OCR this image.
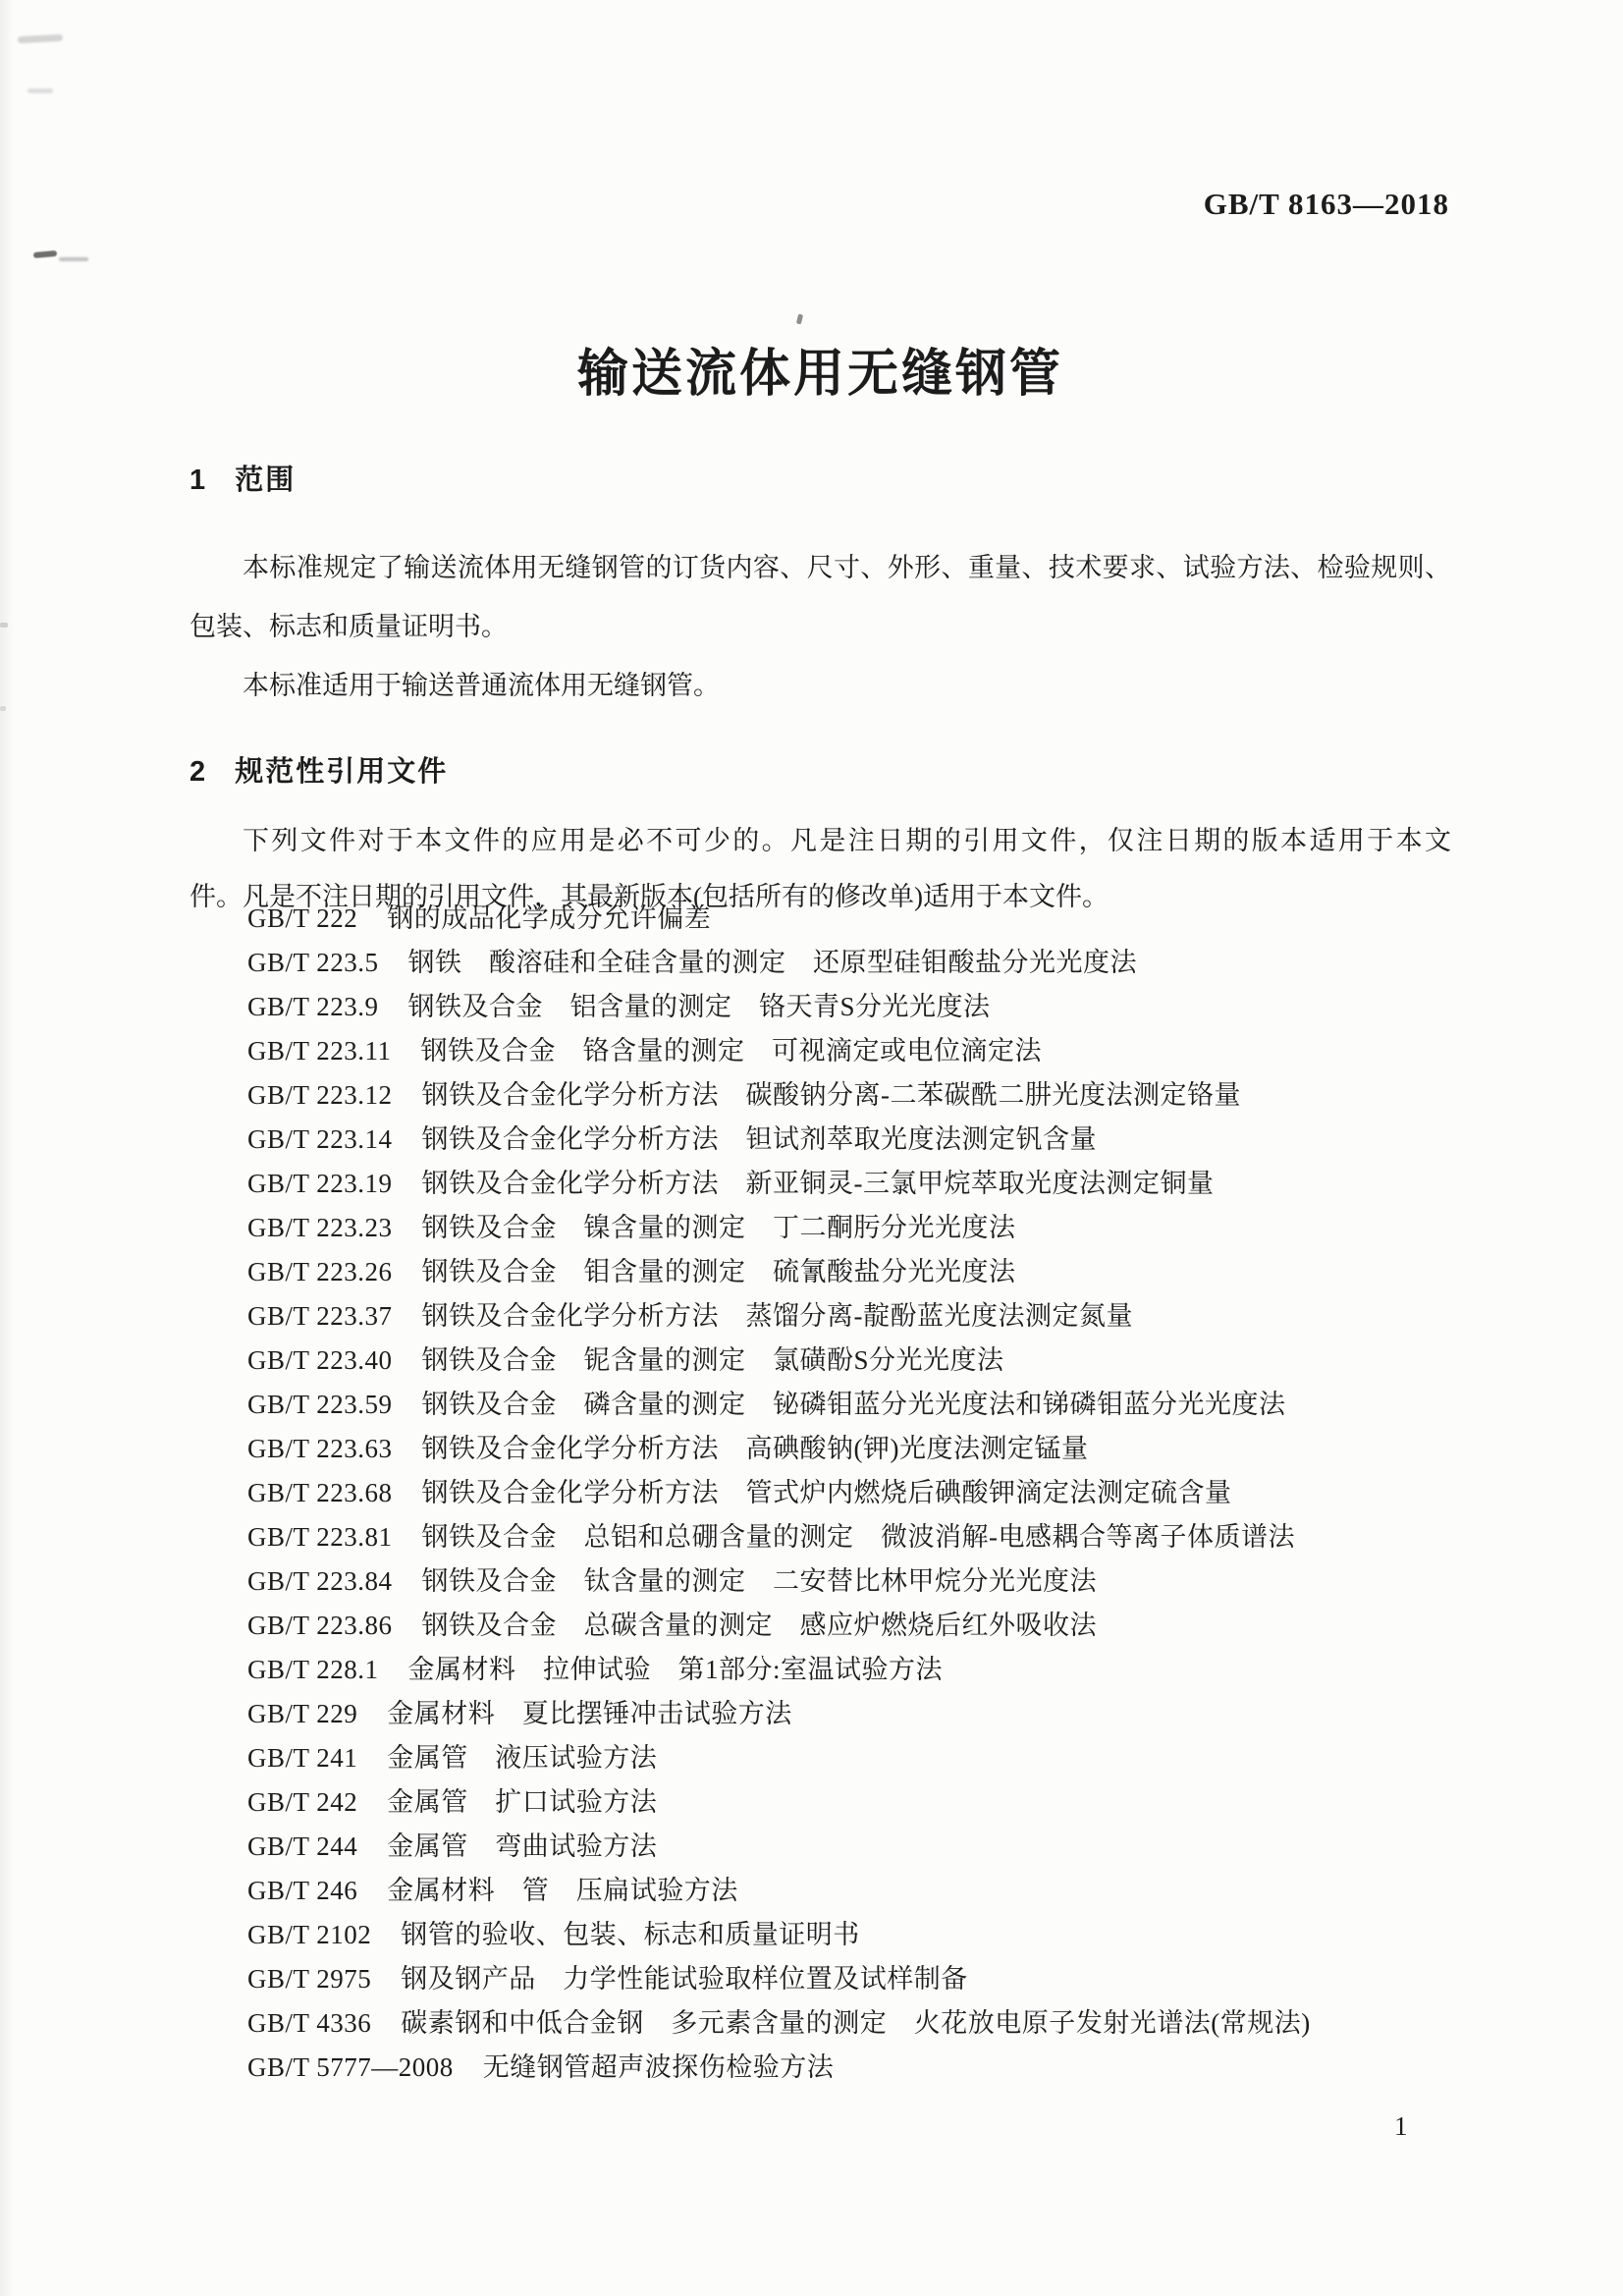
GB/T 8163—2018
输送流体用无缝钢管
1 范围
本标准规定了输送流体用无缝钢管的订货内容、尺寸、外形、重量、技术要求、试验方法、检验规则、
包装、标志和质量证明书。
本标准适用于输送普通流体用无缝钢管。
2 规范性引用文件
下列文件对于本文件的应用是必不可少的。凡是注日期的引用文件，仅注日期的版本适用于本文
件。凡是不注日期的引用文件，其最新版本(包括所有的修改单)适用于本文件。
GB/T 222 钢的成品化学成分允许偏差
GB/T 223.5 钢铁　酸溶硅和全硅含量的测定　还原型硅钼酸盐分光光度法
GB/T 223.9 钢铁及合金　铝含量的测定　铬天青S分光光度法
GB/T 223.11 钢铁及合金　铬含量的测定　可视滴定或电位滴定法
GB/T 223.12 钢铁及合金化学分析方法　碳酸钠分离-二苯碳酰二肼光度法测定铬量
GB/T 223.14 钢铁及合金化学分析方法　钽试剂萃取光度法测定钒含量
GB/T 223.19 钢铁及合金化学分析方法　新亚铜灵-三氯甲烷萃取光度法测定铜量
GB/T 223.23 钢铁及合金　镍含量的测定　丁二酮肟分光光度法
GB/T 223.26 钢铁及合金　钼含量的测定　硫氰酸盐分光光度法
GB/T 223.37 钢铁及合金化学分析方法　蒸馏分离-靛酚蓝光度法测定氮量
GB/T 223.40 钢铁及合金　铌含量的测定　氯磺酚S分光光度法
GB/T 223.59 钢铁及合金　磷含量的测定　铋磷钼蓝分光光度法和锑磷钼蓝分光光度法
GB/T 223.63 钢铁及合金化学分析方法　高碘酸钠(钾)光度法测定锰量
GB/T 223.68 钢铁及合金化学分析方法　管式炉内燃烧后碘酸钾滴定法测定硫含量
GB/T 223.81 钢铁及合金　总铝和总硼含量的测定　微波消解-电感耦合等离子体质谱法
GB/T 223.84 钢铁及合金　钛含量的测定　二安替比林甲烷分光光度法
GB/T 223.86 钢铁及合金　总碳含量的测定　感应炉燃烧后红外吸收法
GB/T 228.1 金属材料　拉伸试验　第1部分:室温试验方法
GB/T 229 金属材料　夏比摆锤冲击试验方法
GB/T 241 金属管　液压试验方法
GB/T 242 金属管　扩口试验方法
GB/T 244 金属管　弯曲试验方法
GB/T 246 金属材料　管　压扁试验方法
GB/T 2102 钢管的验收、包装、标志和质量证明书
GB/T 2975 钢及钢产品　力学性能试验取样位置及试样制备
GB/T 4336 碳素钢和中低合金钢　多元素含量的测定　火花放电原子发射光谱法(常规法)
GB/T 5777—2008 无缝钢管超声波探伤检验方法
1
